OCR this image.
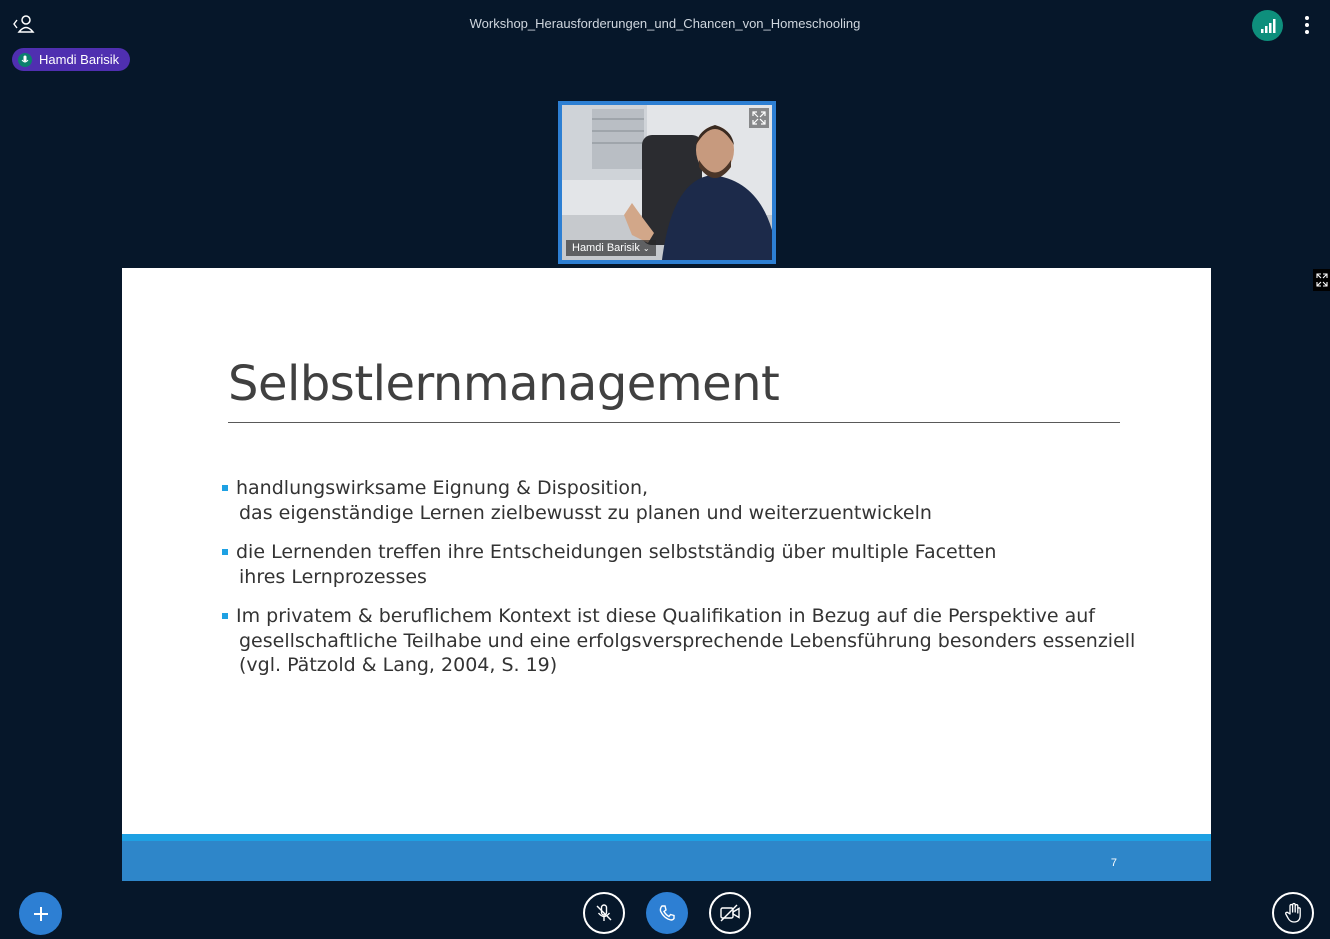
Workshop_Herausforderungen_und_Chancen_von_Homeschooling
Hamdi Barisik
Hamdi Barisik ⌄
Selbstlernmanagement
handlungswirksame Eignung & Disposition,
das eigenständige Lernen zielbewusst zu planen und weiterzuentwickeln
die Lernenden treffen ihre Entscheidungen selbstständig über multiple Facetten
ihres Lernprozesses
Im privatem & beruflichem Kontext ist diese Qualifikation in Bezug auf die Perspektive auf
gesellschaftliche Teilhabe und eine erfolgsversprechende Lebensführung besonders essenziell
(vgl. Pätzold & Lang, 2004, S. 19)
7
